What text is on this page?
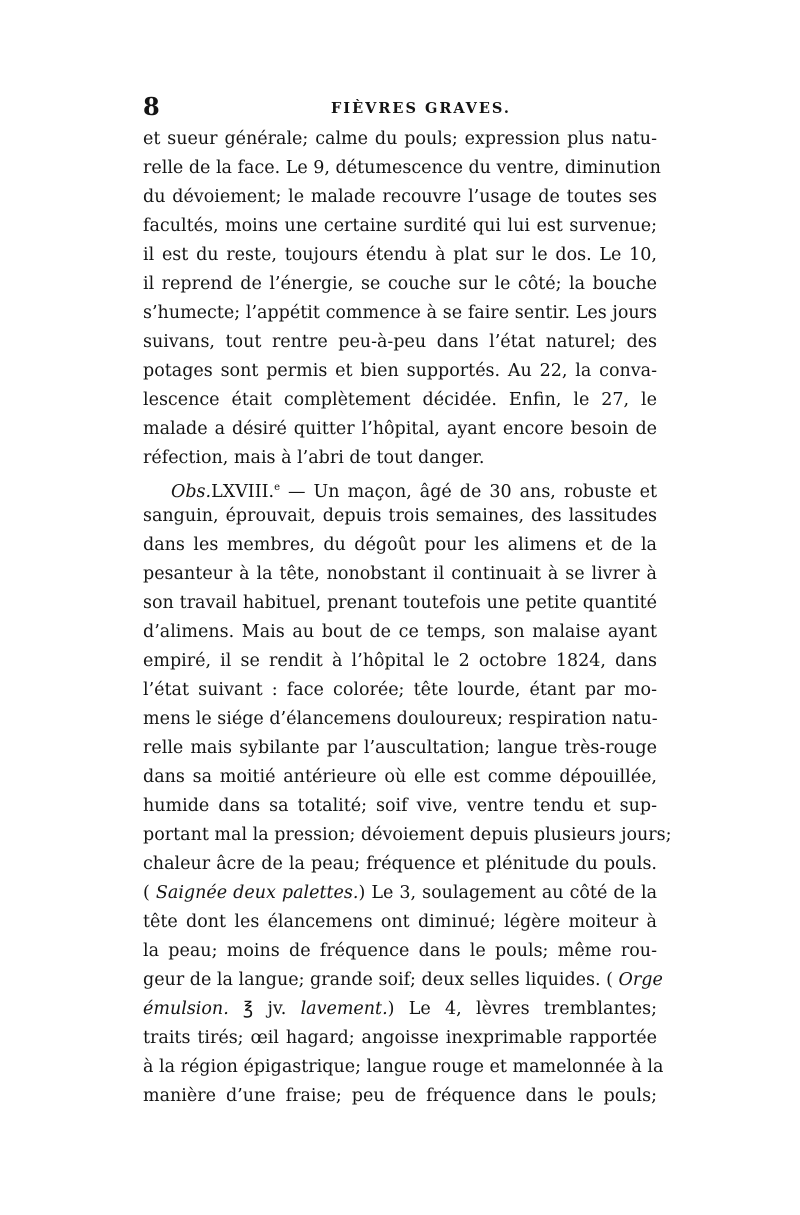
8	FIÈVRES GRAVES.
et sueur générale; calme du pouls; expression plus natu-
relle de la face. Le 9, détumescence du ventre, diminution
du dévoiement; le malade recouvre l’usage de toutes ses
facultés, moins une certaine surdité qui lui est survenue;
il est du reste, toujours étendu à plat sur le dos. Le 10,
il reprend de l’énergie, se couche sur le côté; la bouche
s’humecte; l’appétit commence à se faire sentir. Les jours
suivans, tout rentre peu-à-peu dans l’état naturel; des
potages sont permis et bien supportés. Au 22, la conva-
lescence était complètement décidée. Enfin, le 27, le
malade a désiré quitter l’hôpital, ayant encore besoin de
réfection, mais à l’abri de tout danger.
Obs.LXVIII.$^e$ — Un maçon, âgé de 30 ans, robuste et
sanguin, éprouvait, depuis trois semaines, des lassitudes
dans les membres, du dégoût pour les alimens et de la
pesanteur à la tête, nonobstant il continuait à se livrer à
son travail habituel, prenant toutefois une petite quantité
d’alimens. Mais au bout de ce temps, son malaise ayant
empiré, il se rendit à l’hôpital le 2 octobre 1824, dans
l’état suivant : face colorée; tête lourde, étant par mo-
mens le siége d’élancemens douloureux; respiration natu-
relle mais sybilante par l’auscultation; langue très-rouge
dans sa moitié antérieure où elle est comme dépouillée,
humide dans sa totalité; soif vive, ventre tendu et sup-
portant mal la pression; dévoiement depuis plusieurs jours;
chaleur âcre de la peau; fréquence et plénitude du pouls.
( Saignée deux palettes.) Le 3, soulagement au côté de la
tête dont les élancemens ont diminué; légère moiteur à
la peau; moins de fréquence dans le pouls; même rou-
geur de la langue; grande soif; deux selles liquides. ( Orge
émulsion. ℥ jv. lavement.) Le 4, lèvres tremblantes;
traits tirés; œil hagard; angoisse inexprimable rapportée
à la région épigastrique; langue rouge et mamelonnée à la
manière d’une fraise; peu de fréquence dans le pouls;
